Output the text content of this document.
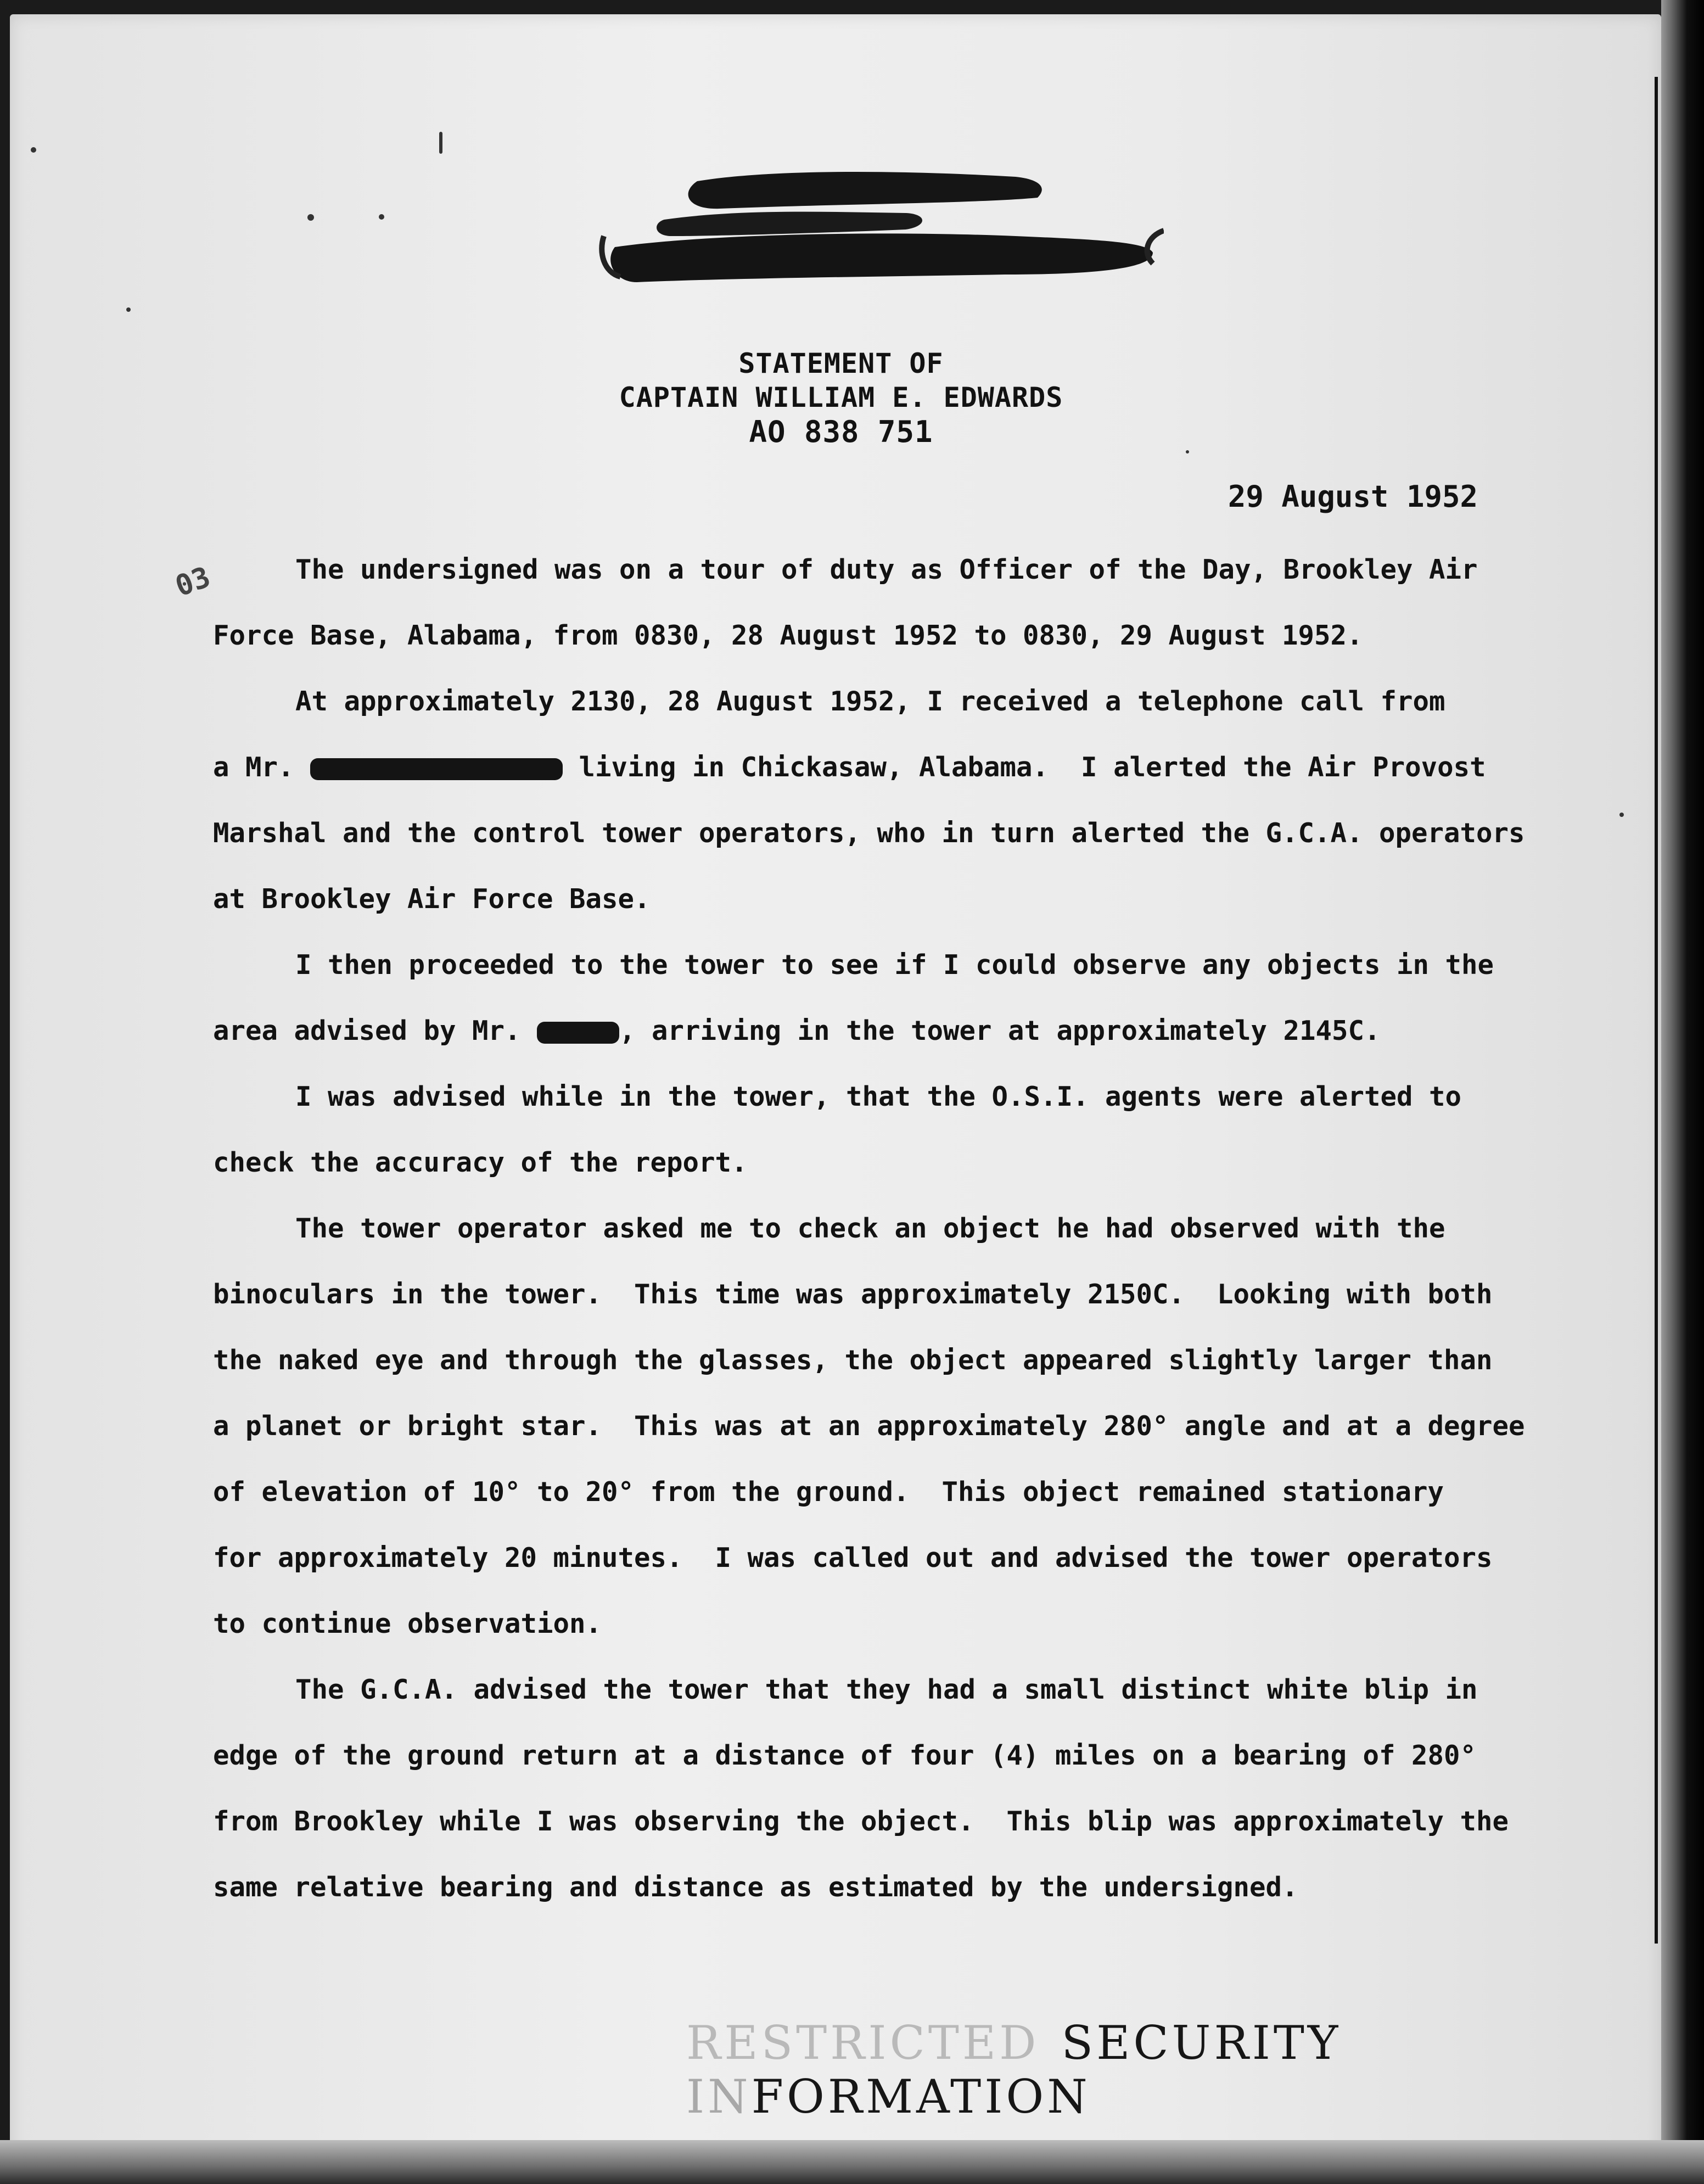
STATEMENT OF
CAPTAIN WILLIAM E. EDWARDS
AO 838 751
29 August 1952
03	The undersigned was on a tour of duty as Officer of the Day, Brookley Air
Force Base, Alabama, from 0830, 28 August 1952 to 0830, 29 August 1952.
At approximately 2130, 28 August 1952, I received a telephone call from
a Mr.	living in Chickasaw, Alabama.  I alerted the Air Provost
Marshal and the control tower operators, who in turn alerted the G.C.A. operators
at Brookley Air Force Base.
I then proceeded to the tower to see if I could observe any objects in the
area advised by Mr.	, arriving in the tower at approximately 2145C.
I was advised while in the tower, that the O.S.I. agents were alerted to
check the accuracy of the report.
The tower operator asked me to check an object he had observed with the
binoculars in the tower.  This time was approximately 2150C.  Looking with both
the naked eye and through the glasses, the object appeared slightly larger than
a planet or bright star.  This was at an approximately 280° angle and at a degree
of elevation of 10° to 20° from the ground.  This object remained stationary
for approximately 20 minutes.  I was called out and advised the tower operators
to continue observation.
The G.C.A. advised the tower that they had a small distinct white blip in
edge of the ground return at a distance of four (4) miles on a bearing of 280°
from Brookley while I was observing the object.  This blip was approximately the
same relative bearing and distance as estimated by the undersigned.
RESTRICTED SECURITY INFORMATION
